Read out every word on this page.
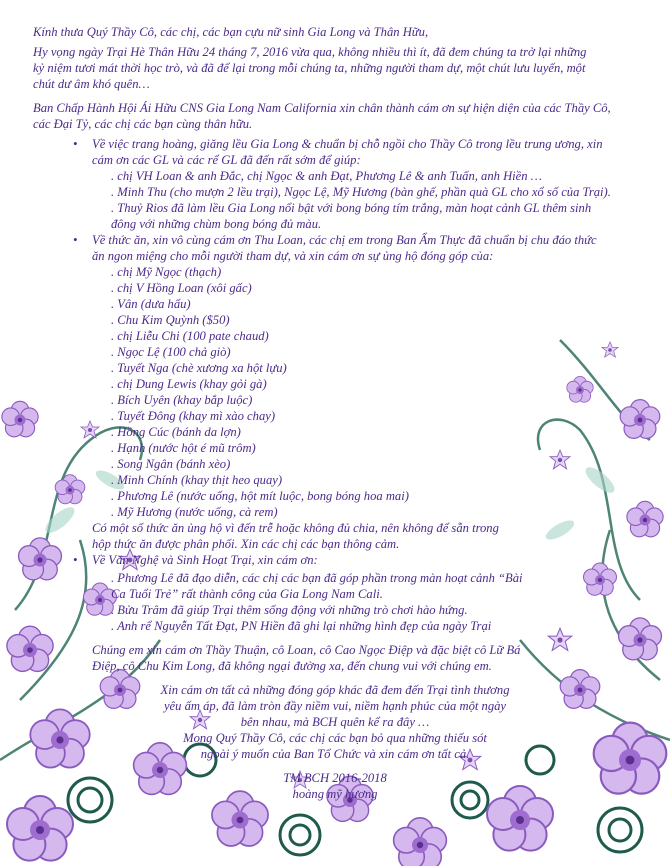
Kính thưa Quý Thầy Cô, các chị, các bạn cựu nữ sinh Gia Long và Thân Hữu,

Hy vọng ngày Trại Hè Thân Hữu 24 tháng 7, 2016 vừa qua, không nhiều thì ít, đã đem chúng ta trở lại những

kỷ niệm tươi mát thời học trò, và đã để lại trong mỗi chúng ta, những người tham dự, một chút lưu luyến, một

chút dư âm khó quên…

Ban Chấp Hành Hội Ái Hữu CNS Gia Long Nam California xin chân thành cám ơn sự hiện diện của các Thầy Cô,

các Đại Tỷ, các chị các bạn cùng thân hữu.

• Về việc trang hoàng, giăng lều Gia Long & chuẩn bị chỗ ngồi cho Thầy Cô trong lều trung ương, xin

cám ơn các GL và các rể GL đã đến rất sớm để giúp:

. chị VH Loan & anh Đắc, chị Ngọc & anh Đạt, Phương Lê & anh Tuấn, anh Hiền …

. Minh Thu (cho mượn 2 lều trại), Ngọc Lệ, Mỹ Hương (bàn ghế, phần quà GL cho xổ số của Trại).

. Thuỷ Rios đã làm lều Gia Long nổi bật với bong bóng tím trắng, màn hoạt cảnh GL thêm sinh

đông với những chùm bong bóng đủ màu.

• Về thức ăn, xin vô cùng cám ơn Thu Loan, các chị em trong Ban Ẩm Thực đã chuẩn bị chu đáo thức

ăn ngon miệng cho mỗi người tham dự, và xin cám ơn sự ủng hộ đóng góp của:

. chị Mỹ Ngọc (thạch)

. chị V Hồng Loan (xôi gấc)

. Vân (dưa hấu)

. Chu Kim Quỳnh ($50)

. chị Liễu Chi (100 pate chaud)

. Ngọc Lệ (100 chả giò)

. Tuyết Nga (chè xương xa hột lựu)

. chị Dung Lewis (khay gỏi gà)

. Bích Uyên (khay bắp luộc)

. Tuyết Đông (khay mì xào chay)

. Hồng Cúc (bánh da lợn)

. Hạnh (nước hột é mũ trôm)

. Song Ngân (bánh xèo)

. Minh Chính (khay thịt heo quay)

. Phương Lê (nước uống, hột mít luộc, bong bóng hoa mai)

. Mỹ Hương (nước uống, cà rem)

Có một số thức ăn ủng hộ vì đến trễ hoặc không đủ chia, nên không để sẵn trong

hộp thức ăn được phân phối. Xin các chị các bạn thông cảm.

• Về Văn Nghệ và Sinh Hoạt Trại, xin cám ơn:

. Phương Lê đã đạo diễn, các chị các bạn đã góp phần trong màn hoạt cảnh “Bài

Ca Tuổi Trẻ” rất thành công của Gia Long Nam Cali.

. Bửu Trâm đã giúp Trại thêm sống động với những trò chơi hào hứng.

. Anh rể Nguyễn Tất Đạt, PN Hiền đã ghi lại những hình đẹp của ngày Trại

Chúng em xin cám ơn Thầy Thuận, cô Loan, cô Cao Ngọc Điệp và đặc biệt cô Lữ Bá

Điệp, cô Chu Kim Long, đã không ngại đường xa, đến chung vui với chúng em.

Xin cám ơn tất cả những đóng góp khác đã đem đến Trại tình thương

yêu ấm áp, đã làm tròn đầy niềm vui, niềm hạnh phúc của một ngày

bên nhau, mà BCH quên kể ra đây …

Mong Quý Thầy Cô, các chị các bạn bỏ qua những thiếu sót

ngoài ý muốn của Ban Tổ Chức và xin cám ơn tất cả.

TM BCH 2016-2018

hoàng mỹ hương
